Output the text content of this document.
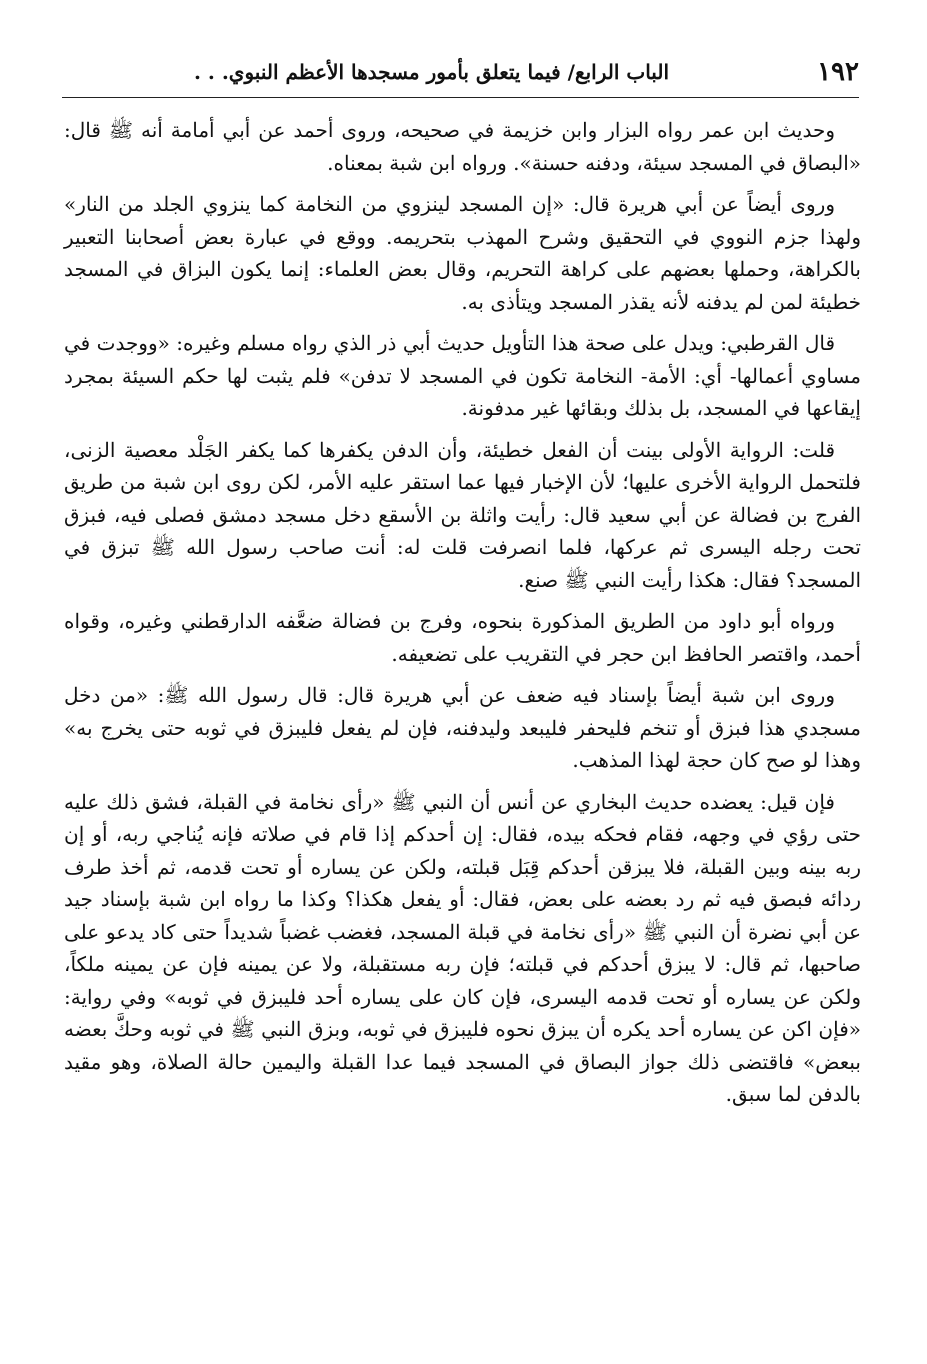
١٩٢
الباب الرابع/ فيما يتعلق بأمور مسجدها الأعظم النبوي. . .

وحديث ابن عمر رواه البزار وابن خزيمة في صحيحه، وروى أحمد عن أبي أمامة أنه ﷺ قال: «البصاق في المسجد سيئة، ودفنه حسنة». ورواه ابن شبة بمعناه.

وروى أيضاً عن أبي هريرة قال: «إن المسجد لينزوي من النخامة كما ينزوي الجلد من النار» ولهذا جزم النووي في التحقيق وشرح المهذب بتحريمه. ووقع في عبارة بعض أصحابنا التعبير بالكراهة، وحملها بعضهم على كراهة التحريم، وقال بعض العلماء: إنما يكون البزاق في المسجد خطيئة لمن لم يدفنه لأنه يقذر المسجد ويتأذى به.

قال القرطبي: ويدل على صحة هذا التأويل حديث أبي ذر الذي رواه مسلم وغيره: «ووجدت في مساوي أعمالها- أي: الأمة- النخامة تكون في المسجد لا تدفن» فلم يثبت لها حكم السيئة بمجرد إيقاعها في المسجد، بل بذلك وبقائها غير مدفونة.

قلت: الرواية الأولى بينت أن الفعل خطيئة، وأن الدفن يكفرها كما يكفر الجَلْد معصية الزنى، فلتحمل الرواية الأخرى عليها؛ لأن الإخبار فيها عما استقر عليه الأمر، لكن روى ابن شبة من طريق الفرج بن فضالة عن أبي سعيد قال: رأيت واثلة بن الأسقع دخل مسجد دمشق فصلى فيه، فبزق تحت رجله اليسرى ثم عركها، فلما انصرفت قلت له: أنت صاحب رسول الله ﷺ تبزق في المسجد؟ فقال: هكذا رأيت النبي ﷺ صنع.

ورواه أبو داود من الطريق المذكورة بنحوه، وفرج بن فضالة ضعَّفه الدارقطني وغيره، وقواه أحمد، واقتصر الحافظ ابن حجر في التقريب على تضعيفه.

وروى ابن شبة أيضاً بإسناد فيه ضعف عن أبي هريرة قال: قال رسول الله ﷺ: «من دخل مسجدي هذا فبزق أو تنخم فليحفر فليبعد وليدفنه، فإن لم يفعل فليبزق في ثوبه حتى يخرج به» وهذا لو صح كان حجة لهذا المذهب.

فإن قيل: يعضده حديث البخاري عن أنس أن النبي ﷺ «رأى نخامة في القبلة، فشق ذلك عليه حتى رؤي في وجهه، فقام فحكه بيده، فقال: إن أحدكم إذا قام في صلاته فإنه يُناجي ربه، أو إن ربه بينه وبين القبلة، فلا يبزقن أحدكم قِبَل قبلته، ولكن عن يساره أو تحت قدمه، ثم أخذ طرف ردائه فبصق فيه ثم رد بعضه على بعض، فقال: أو يفعل هكذا؟ وكذا ما رواه ابن شبة بإسناد جيد عن أبي نضرة أن النبي ﷺ «رأى نخامة في قبلة المسجد، فغضب غضباً شديداً حتى كاد يدعو على صاحبها، ثم قال: لا يبزق أحدكم في قبلته؛ فإن ربه مستقبلة، ولا عن يمينه فإن عن يمينه ملكاً، ولكن عن يساره أو تحت قدمه اليسرى، فإن كان على يساره أحد فليبزق في ثوبه» وفي رواية: «فإن اكن عن يساره أحد يكره أن يبزق نحوه فليبزق في ثوبه، وبزق النبي ﷺ في ثوبه وحكَّ بعضه ببعض» فاقتضى ذلك جواز البصاق في المسجد فيما عدا القبلة واليمين حالة الصلاة، وهو مقيد بالدفن لما سبق.
